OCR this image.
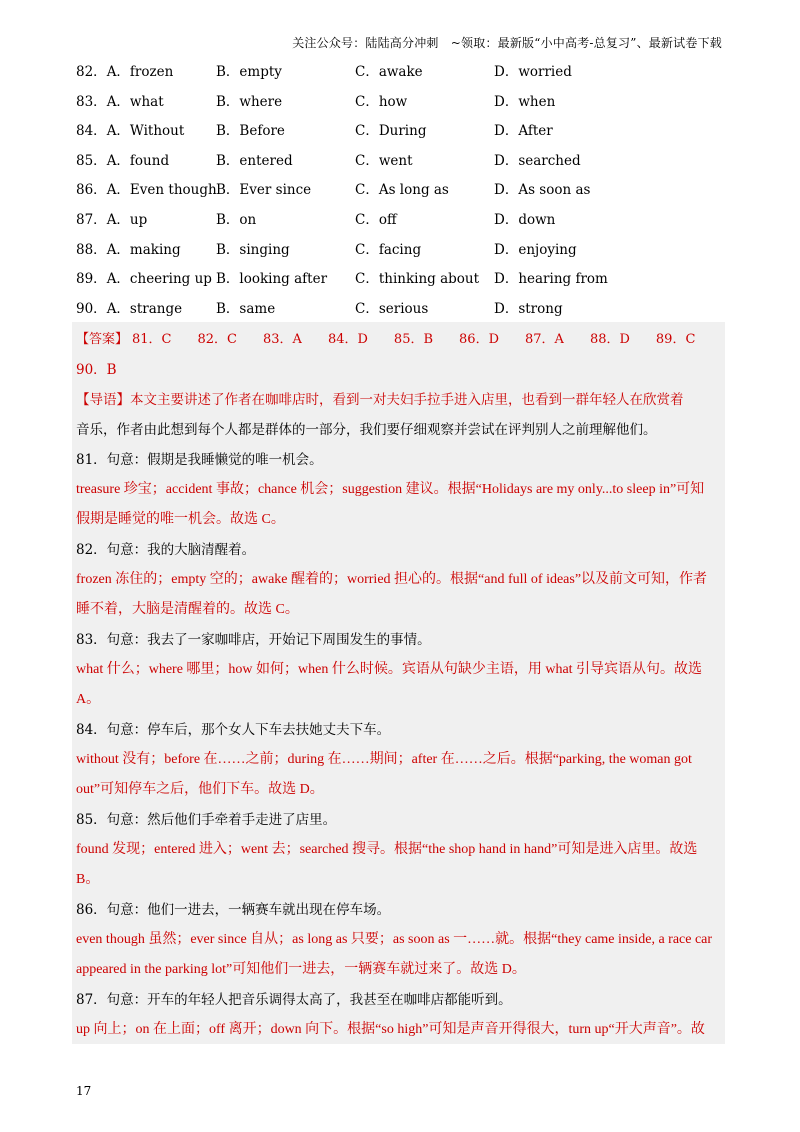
关注公众号：陆陆高分冲刺　~领取：最新版“小中高考-总复习”、最新试卷下载
82．A．frozen	B．empty	C．awake	D．worried
83．A．what	B．where	C．how	D．when
84．A．Without B．Before	C．During	D．After
85．A．found	B．entered	C．went	D．searched
86．A．Even though B．Ever since	C．As long as	D．As soon as
87．A．up	B．on	C．off	D．down
88．A．making	B．singing	C．facing	D．enjoying
89．A．cheering up B．looking after C．thinking about D．hearing from
90．A．strange	B．same	C．serious	D．strong
【答案】 81．C 82．C 83．A 84．D 85．B 86．D 87．A 88．D 89．C
90．B
【导语】本文主要讲述了作者在咖啡店时，看到一对夫妇手拉手进入店里，也看到一群年轻人在欣赏着
音乐，作者由此想到每个人都是群体的一部分，我们要仔细观察并尝试在评判别人之前理解他们。
81．句意：假期是我睡懒觉的唯一机会。
treasure 珍宝；accident 事故；chance 机会；suggestion 建议。根据“Holidays are my only...to sleep in”可知
假期是睡觉的唯一机会。故选 C。
82．句意：我的大脑清醒着。
frozen 冻住的；empty 空的；awake 醒着的；worried 担心的。根据“and full of ideas”以及前文可知，作者
睡不着，大脑是清醒着的。故选 C。
83．句意：我去了一家咖啡店，开始记下周围发生的事情。
what 什么；where 哪里；how 如何；when 什么时候。宾语从句缺少主语，用 what 引导宾语从句。故选
A。
84．句意：停车后，那个女人下车去扶她丈夫下车。
without 没有；before 在……之前；during 在……期间；after 在……之后。根据“parking, the woman got
out”可知停车之后，他们下车。故选 D。
85．句意：然后他们手牵着手走进了店里。
found 发现；entered 进入；went 去；searched 搜寻。根据“the shop hand in hand”可知是进入店里。故选
B。
86．句意：他们一进去，一辆赛车就出现在停车场。
even though 虽然；ever since 自从；as long as 只要；as soon as 一……就。根据“they came inside, a race car
appeared in the parking lot”可知他们一进去，一辆赛车就过来了。故选 D。
87．句意：开车的年轻人把音乐调得太高了，我甚至在咖啡店都能听到。
up 向上；on 在上面；off 离开；down 向下。根据“so high”可知是声音开得很大，turn up“开大声音”。故
17
